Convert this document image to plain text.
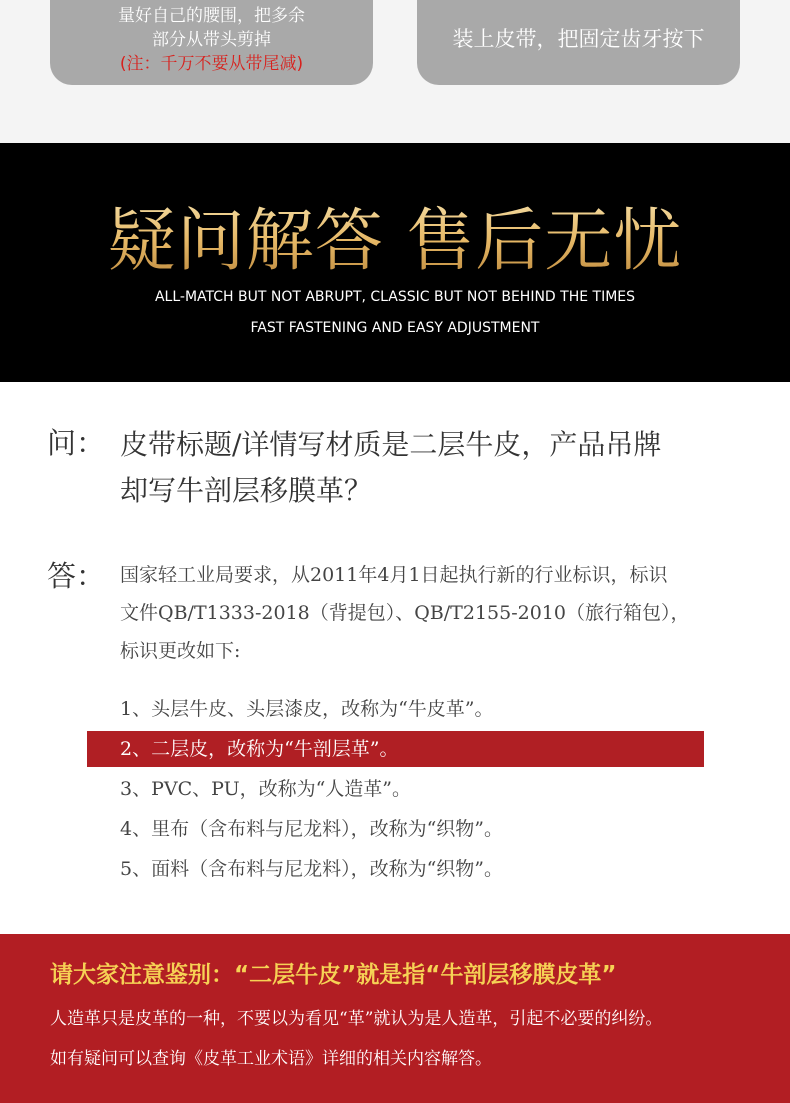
量好自己的腰围，把多余
部分从带头剪掉
(注：千万不要从带尾减)
装上皮带，把固定齿牙按下
疑问解答 售后无忧
ALL-MATCH BUT NOT ABRUPT, CLASSIC BUT NOT BEHIND THE TIMES
FAST FASTENING AND EASY ADJUSTMENT
问： 皮带标题/详情写材质是二层牛皮，产品吊牌
却写牛剖层移膜革？
答： 国家轻工业局要求，从2011年4月1日起执行新的行业标识，标识
文件QB/T1333-2018（背提包）、QB/T2155-2010（旅行箱包），
标识更改如下:
1、头层牛皮、头层漆皮，改称为“牛皮革”。
2、二层皮，改称为“牛剖层革”。
3、PVC、PU，改称为“人造革”。
4、里布（含布料与尼龙料），改称为“织物”。
5、面料（含布料与尼龙料），改称为“织物”。
请大家注意鉴别：“二层牛皮”就是指“牛剖层移膜皮革”
人造革只是皮革的一种，不要以为看见“革”就认为是人造革，引起不必要的纠纷。
如有疑问可以查询《皮革工业术语》详细的相关内容解答。
